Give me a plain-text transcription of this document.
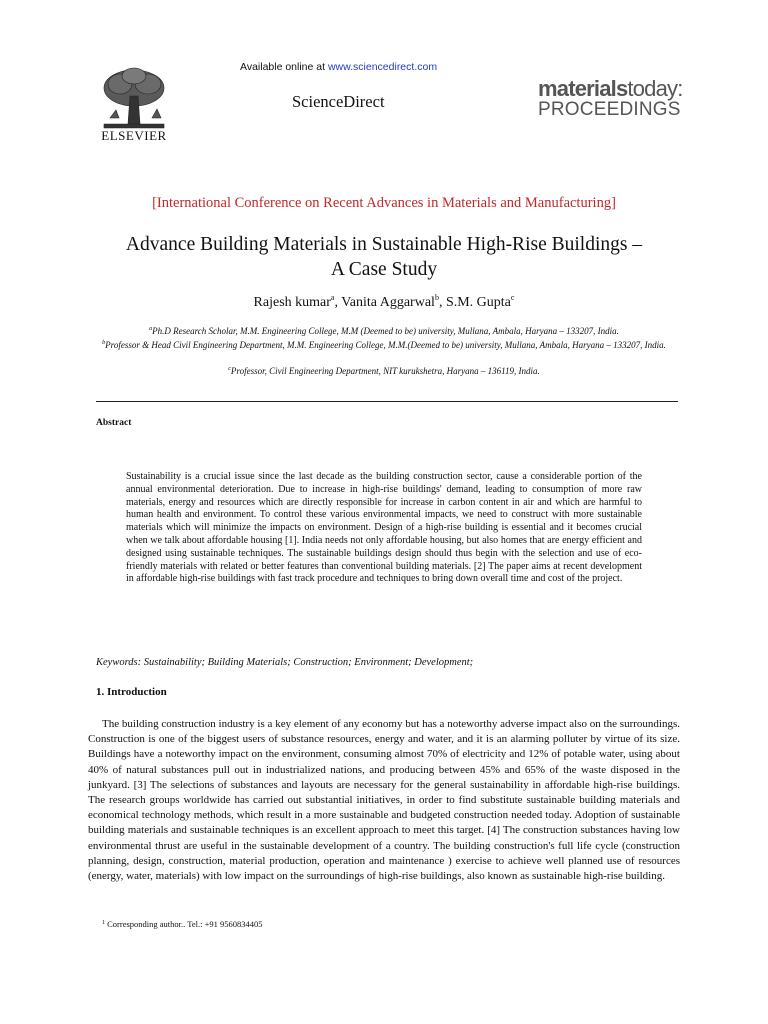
ELSEVIER
Available online at www.sciencedirect.com
ScienceDirect
materialstoday:
PROCEEDINGS
[International Conference on Recent Advances in Materials and Manufacturing]
Advance Building Materials in Sustainable High-Rise Buildings –
A Case Study
Rajesh kumar$^a$, Vanita Aggarwal$^b$, S.M. Gupta$^c$
$^a$Ph.D Research Scholar, M.M. Engineering College, M.M (Deemed to be) university, Mullana, Ambala, Haryana – 133207, India.
$^b$Professor & Head Civil Engineering Department, M.M. Engineering College, M.M.(Deemed to be) university, Mullana, Ambala, Haryana – 133207, India.
$^c$Professor, Civil Engineering Department, NIT kurukshetra, Haryana – 136119, India.
Abstract
Sustainability is a crucial issue since the last decade as the building construction sector, cause a considerable portion of the annual environmental deterioration. Due to increase in high-rise buildings' demand, leading to consumption of more raw materials, energy and resources which are directly responsible for increase in carbon content in air and which are harmful to human health and environment. To control these various environmental impacts, we need to construct with more sustainable materials which will minimize the impacts on environment. Design of a high-rise building is essential and it becomes crucial when we talk about affordable housing [1]. India needs not only affordable housing, but also homes that are energy efficient and designed using sustainable techniques. The sustainable buildings design should thus begin with the selection and use of eco-friendly materials with related or better features than conventional building materials. [2] The paper aims at recent development in affordable high-rise buildings with fast track procedure and techniques to bring down overall time and cost of the project.
Keywords: Sustainability; Building Materials; Construction; Environment; Development;
1. Introduction
The building construction industry is a key element of any economy but has a noteworthy adverse impact also on the surroundings. Construction is one of the biggest users of substance resources, energy and water, and it is an alarming polluter by virtue of its size. Buildings have a noteworthy impact on the environment, consuming almost 70% of electricity and 12% of potable water, using about 40% of natural substances pull out in industrialized nations, and producing between 45% and 65% of the waste disposed in the junkyard. [3] The selections of substances and layouts are necessary for the general sustainability in affordable high-rise buildings. The research groups worldwide has carried out substantial initiatives, in order to find substitute sustainable building materials and economical technology methods, which result in a more sustainable and budgeted construction needed today. Adoption of sustainable building materials and sustainable techniques is an excellent approach to meet this target. [4] The construction substances having low environmental thrust are useful in the sustainable development of a country. The building construction's full life cycle (construction planning, design, construction, material production, operation and maintenance ) exercise to achieve well planned use of resources (energy, water, materials) with low impact on the surroundings of high-rise buildings, also known as sustainable high-rise building.
$^1$ Corresponding author.. Tel.: +91 9560834405
